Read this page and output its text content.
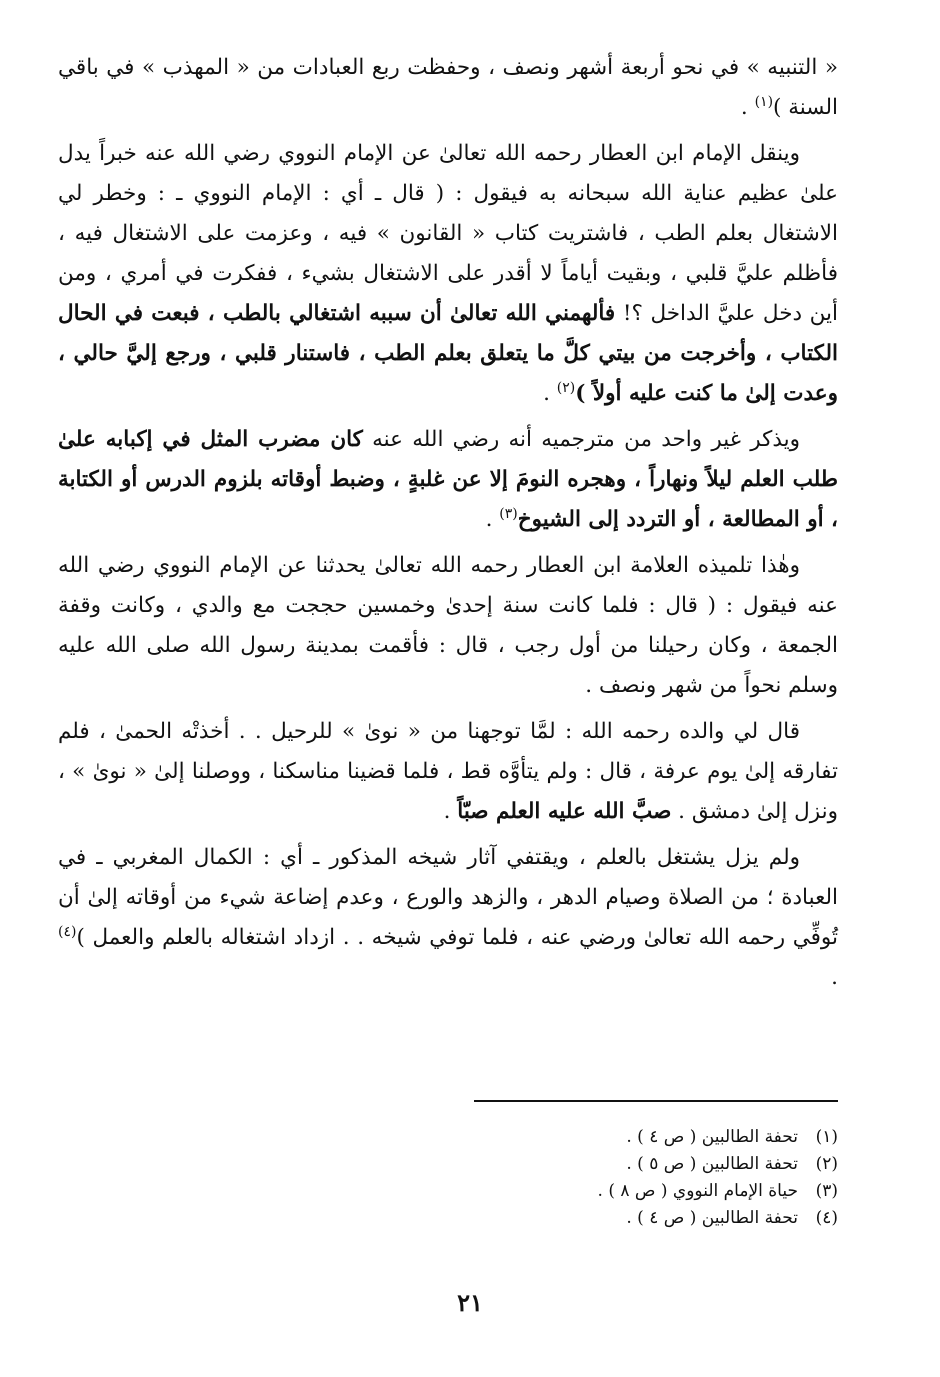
« التنبيه » في نحو أربعة أشهر ونصف ، وحفظت ربع العبادات من « المهذب » في باقي السنة )$^{(١)}$ .

وينقل الإمام ابن العطار رحمه الله تعالىٰ عن الإمام النووي رضي الله عنه خبراً يدل علىٰ عظيم عناية الله سبحانه به فيقول : ( قال ـ أي : الإمام النووي ـ : وخطر لي الاشتغال بعلم الطب ، فاشتريت كتاب « القانون » فيه ، وعزمت على الاشتغال فيه ، فأظلم عليَّ قلبي ، وبقيت أياماً لا أقدر على الاشتغال بشيء ، ففكرت في أمري ، ومن أين دخل عليَّ الداخل ؟! فألهمني الله تعالىٰ أن سببه اشتغالي بالطب ، فبعت في الحال الكتاب ، وأخرجت من بيتي كلَّ ما يتعلق بعلم الطب ، فاستنار قلبي ، ورجع إليَّ حالي ، وعدت إلىٰ ما كنت عليه أولاً )$^{(٢)}$ .

ويذكر غير واحد من مترجميه أنه رضي الله عنه كان مضرب المثل في إكبابه علىٰ طلب العلم ليلاً ونهاراً ، وهجره النومَ إلا عن غلبةٍ ، وضبط أوقاته بلزوم الدرس أو الكتابة ، أو المطالعة ، أو التردد إلى الشيوخ$^{(٣)}$ .

وهٰذا تلميذه العلامة ابن العطار رحمه الله تعالىٰ يحدثنا عن الإمام النووي رضي الله عنه فيقول : ( قال : فلما كانت سنة إحدىٰ وخمسين حججت مع والدي ، وكانت وقفة الجمعة ، وكان رحيلنا من أول رجب ، قال : فأقمت بمدينة رسول الله صلى الله عليه وسلم نحواً من شهر ونصف .

قال لي والده رحمه الله : لمَّا توجهنا من « نوىٰ » للرحيل . . أخذتْه الحمىٰ ، فلم تفارقه إلىٰ يوم عرفة ، قال : ولم يتأوَّه قط ، فلما قضينا مناسكنا ، ووصلنا إلىٰ « نوىٰ » ، ونزل إلىٰ دمشق . صبَّ الله عليه العلم صبّاً .

ولم يزل يشتغل بالعلم ، ويقتفي آثار شيخه المذكور ـ أي : الكمال المغربي ـ في العبادة ؛ من الصلاة وصيام الدهر ، والزهد والورع ، وعدم إضاعة شيء من أوقاته إلىٰ أن تُوفِّي رحمه الله تعالىٰ ورضي عنه ، فلما توفي شيخه . . ازداد اشتغاله بالعلم والعمل )$^{(٤)}$ .

(١)تحفة الطالبين ( ص ٤ ) .
(٢)تحفة الطالبين ( ص ٥ ) .
(٣)حياة الإمام النووي ( ص ٨ ) .
(٤)تحفة الطالبين ( ص ٤ ) .
٢١
